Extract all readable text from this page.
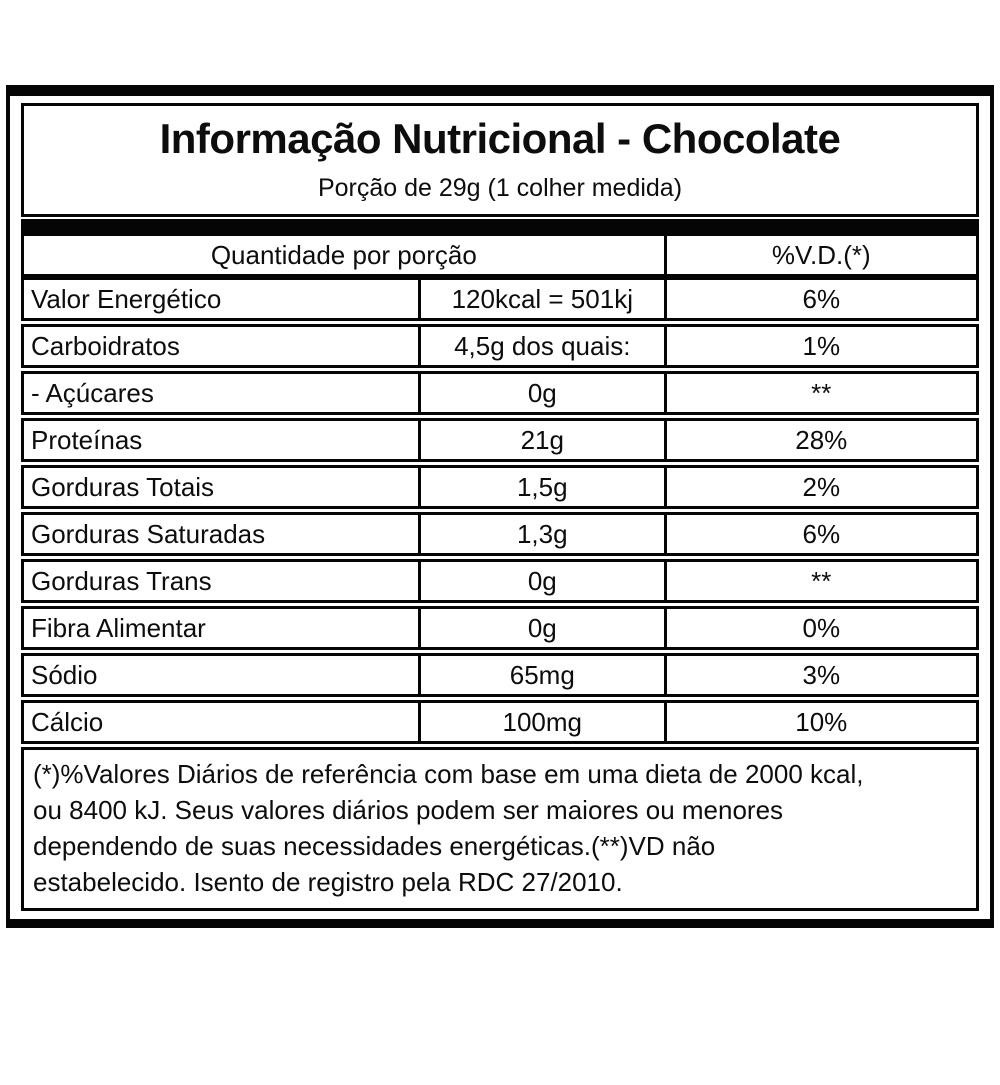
Informação Nutricional - Chocolate
Porção de 29g (1 colher medida)
Quantidade por porção	%V.D.(*)
Valor Energético	120kcal = 501kj	6%
Carboidratos	4,5g dos quais:	1%
- Açúcares	0g	**
Proteínas	21g	28%
Gorduras Totais	1,5g	2%
Gorduras Saturadas	1,3g	6%
Gorduras Trans	0g	**
Fibra Alimentar	0g	0%
Sódio	65mg	3%
Cálcio	100mg	10%
(*)%Valores Diários de referência com base em uma dieta de 2000 kcal,
ou 8400 kJ. Seus valores diários podem ser maiores ou menores
dependendo de suas necessidades energéticas.(**)VD não
estabelecido. Isento de registro pela RDC 27/2010.
